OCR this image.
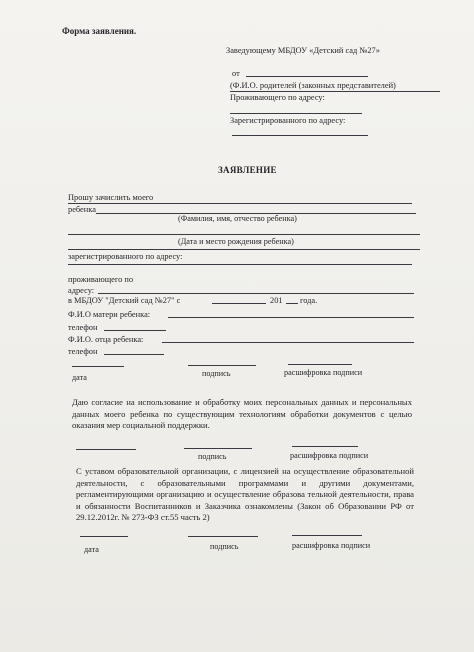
Форма заявления.
Заведующему МБДОУ «Детский сад №27»
от
(Ф.И.О. родителей (законных представителей)
Проживающего по адресу:
Зарегистрированного по адресу:
ЗАЯВЛЕНИЕ
Прошу зачислить моего
ребенка
(Фамилия, имя, отчество ребенка)
(Дата и место рождения ребенка)
зарегистрированного по адресу:
проживающего по
адресу:
в МБДОУ "Детский сад №27" с	201 года.
Ф.И.О матери ребенка:
телефон
Ф.И.О. отца ребенка:
телефон
дата	подпись	расшифровка подписи
Даю согласие на использование и обработку моих персональных данных и персональных данных моего ребенка по существующим технологиям обработки документов с целью оказания мер социальной поддержки.
подпись	расшифровка подписи
С уставом образовательной организации, с лицензией на осуществление образовательной деятельности, с образовательными программами и другими документами, регламентирующими организацию и осуществление образова тельной деятельности, права и обязанности Воспитанников и Заказчика ознакомлены (Закон об Образовании РФ от 29.12.2012г. № 273-ФЗ ст.55 часть 2)
дата	подпись	расшифровка подписи
